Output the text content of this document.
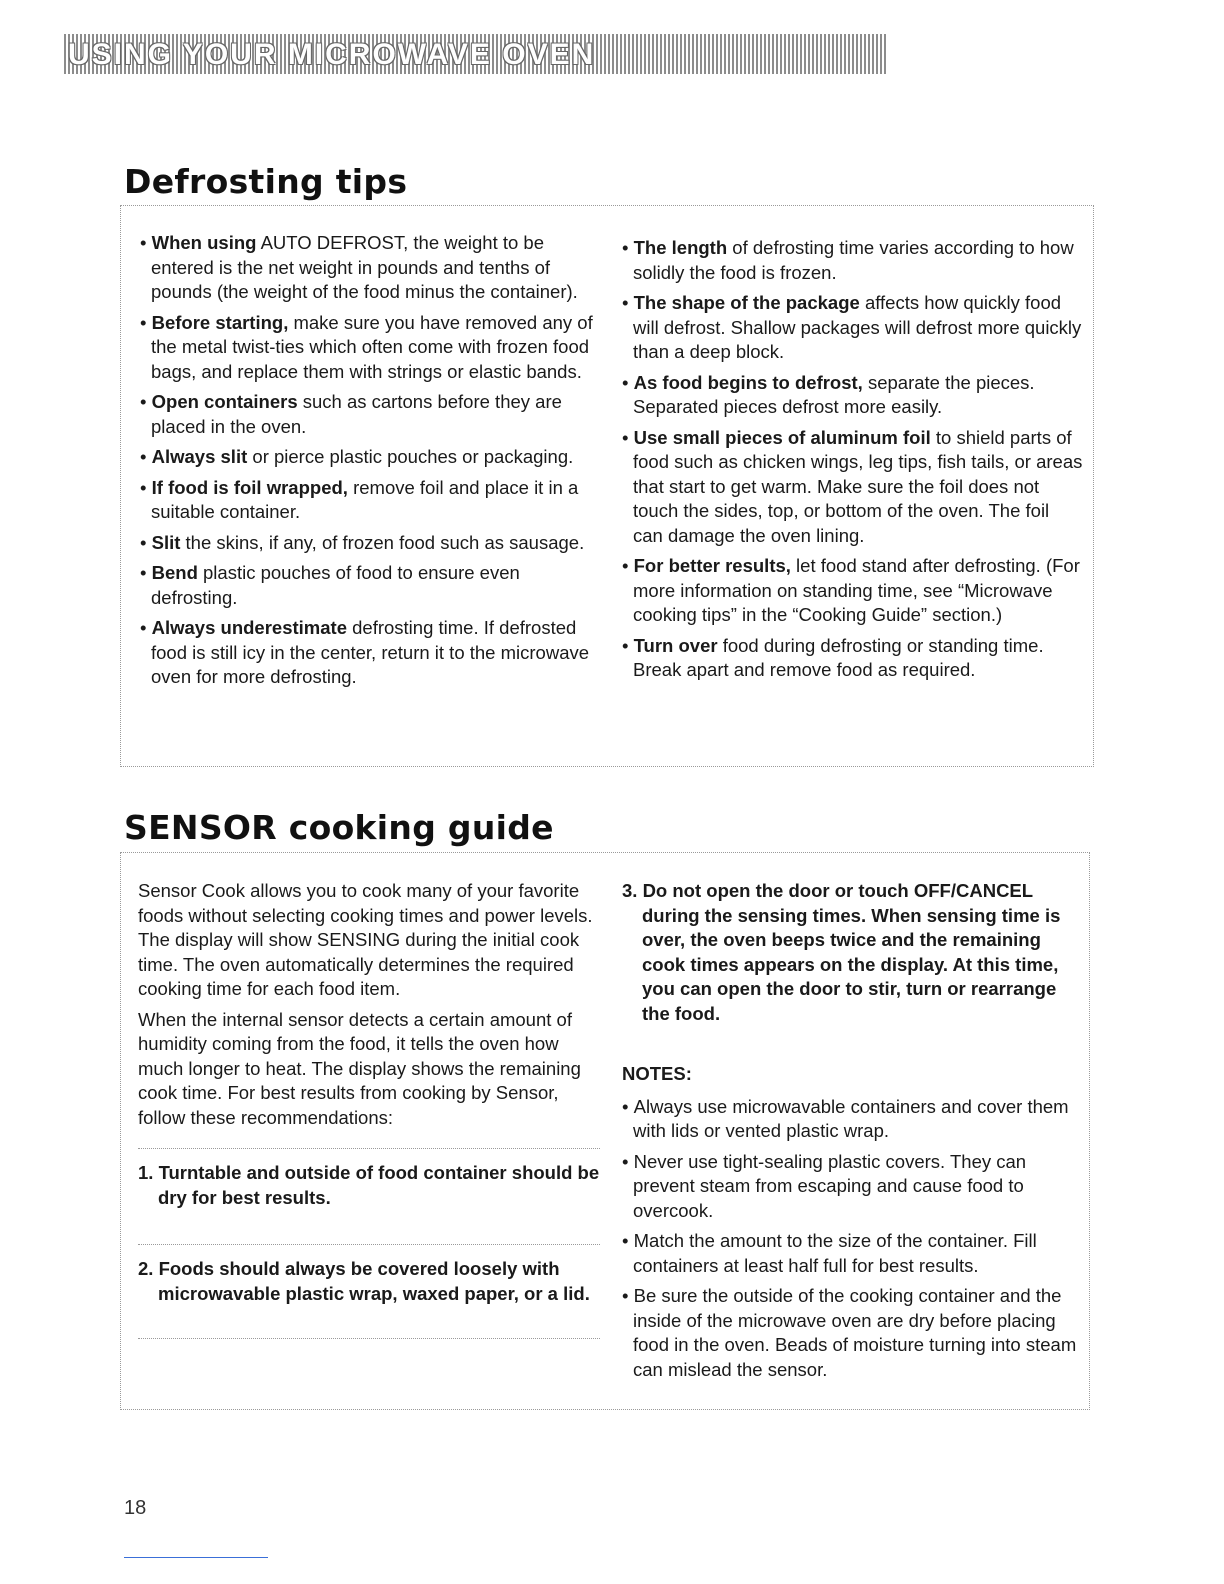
USING YOUR MICROWAVE OVEN
Defrosting tips

• When using AUTO DEFROST, the weight to be entered is the net weight in pounds and tenths of pounds (the weight of the food minus the container).

• Before starting, make sure you have removed any of the metal twist-ties which often come with frozen food bags, and replace them with strings or elastic bands.

• Open containers such as cartons before they are placed in the oven.

• Always slit or pierce plastic pouches or packaging.

• If food is foil wrapped, remove foil and place it in a suitable container.

• Slit the skins, if any, of frozen food such as sausage.

• Bend plastic pouches of food to ensure even defrosting.

• Always underestimate defrosting time. If defrosted food is still icy in the center, return it to the microwave oven for more defrosting.

• The length of defrosting time varies according to how solidly the food is frozen.

• The shape of the package affects how quickly food will defrost. Shallow packages will defrost more quickly than a deep block.

• As food begins to defrost, separate the pieces. Separated pieces defrost more easily.

• Use small pieces of aluminum foil to shield parts of food such as chicken wings, leg tips, fish tails, or areas that start to get warm. Make sure the foil does not touch the sides, top, or bottom of the oven. The foil can damage the oven lining.

• For better results, let food stand after defrosting. (For more information on standing time, see “Microwave cooking tips” in the “Cooking Guide” section.)

• Turn over food during defrosting or standing time. Break apart and remove food as required.

SENSOR cooking guide

Sensor Cook allows you to cook many of your favorite foods without selecting cooking times and power levels. The display will show SENSING during the initial cook time. The oven automatically determines the required cooking time for each food item.

When the internal sensor detects a certain amount of humidity coming from the food, it tells the oven how much longer to heat. The display shows the remaining cook time. For best results from cooking by Sensor, follow these recommendations:

1. Turntable and outside of food container should be dry for best results.

2. Foods should always be covered loosely with microwavable plastic wrap, waxed paper, or a lid.

3. Do not open the door or touch OFF/CANCEL during the sensing times. When sensing time is over, the oven beeps twice and the remaining cook times appears on the display. At this time, you can open the door to stir, turn or rearrange the food.

NOTES:

• Always use microwavable containers and cover them with lids or vented plastic wrap.

• Never use tight-sealing plastic covers. They can prevent steam from escaping and cause food to overcook.

• Match the amount to the size of the container. Fill containers at least half full for best results.

• Be sure the outside of the cooking container and the inside of the microwave oven are dry before placing food in the oven. Beads of moisture turning into steam can mislead the sensor.

18
